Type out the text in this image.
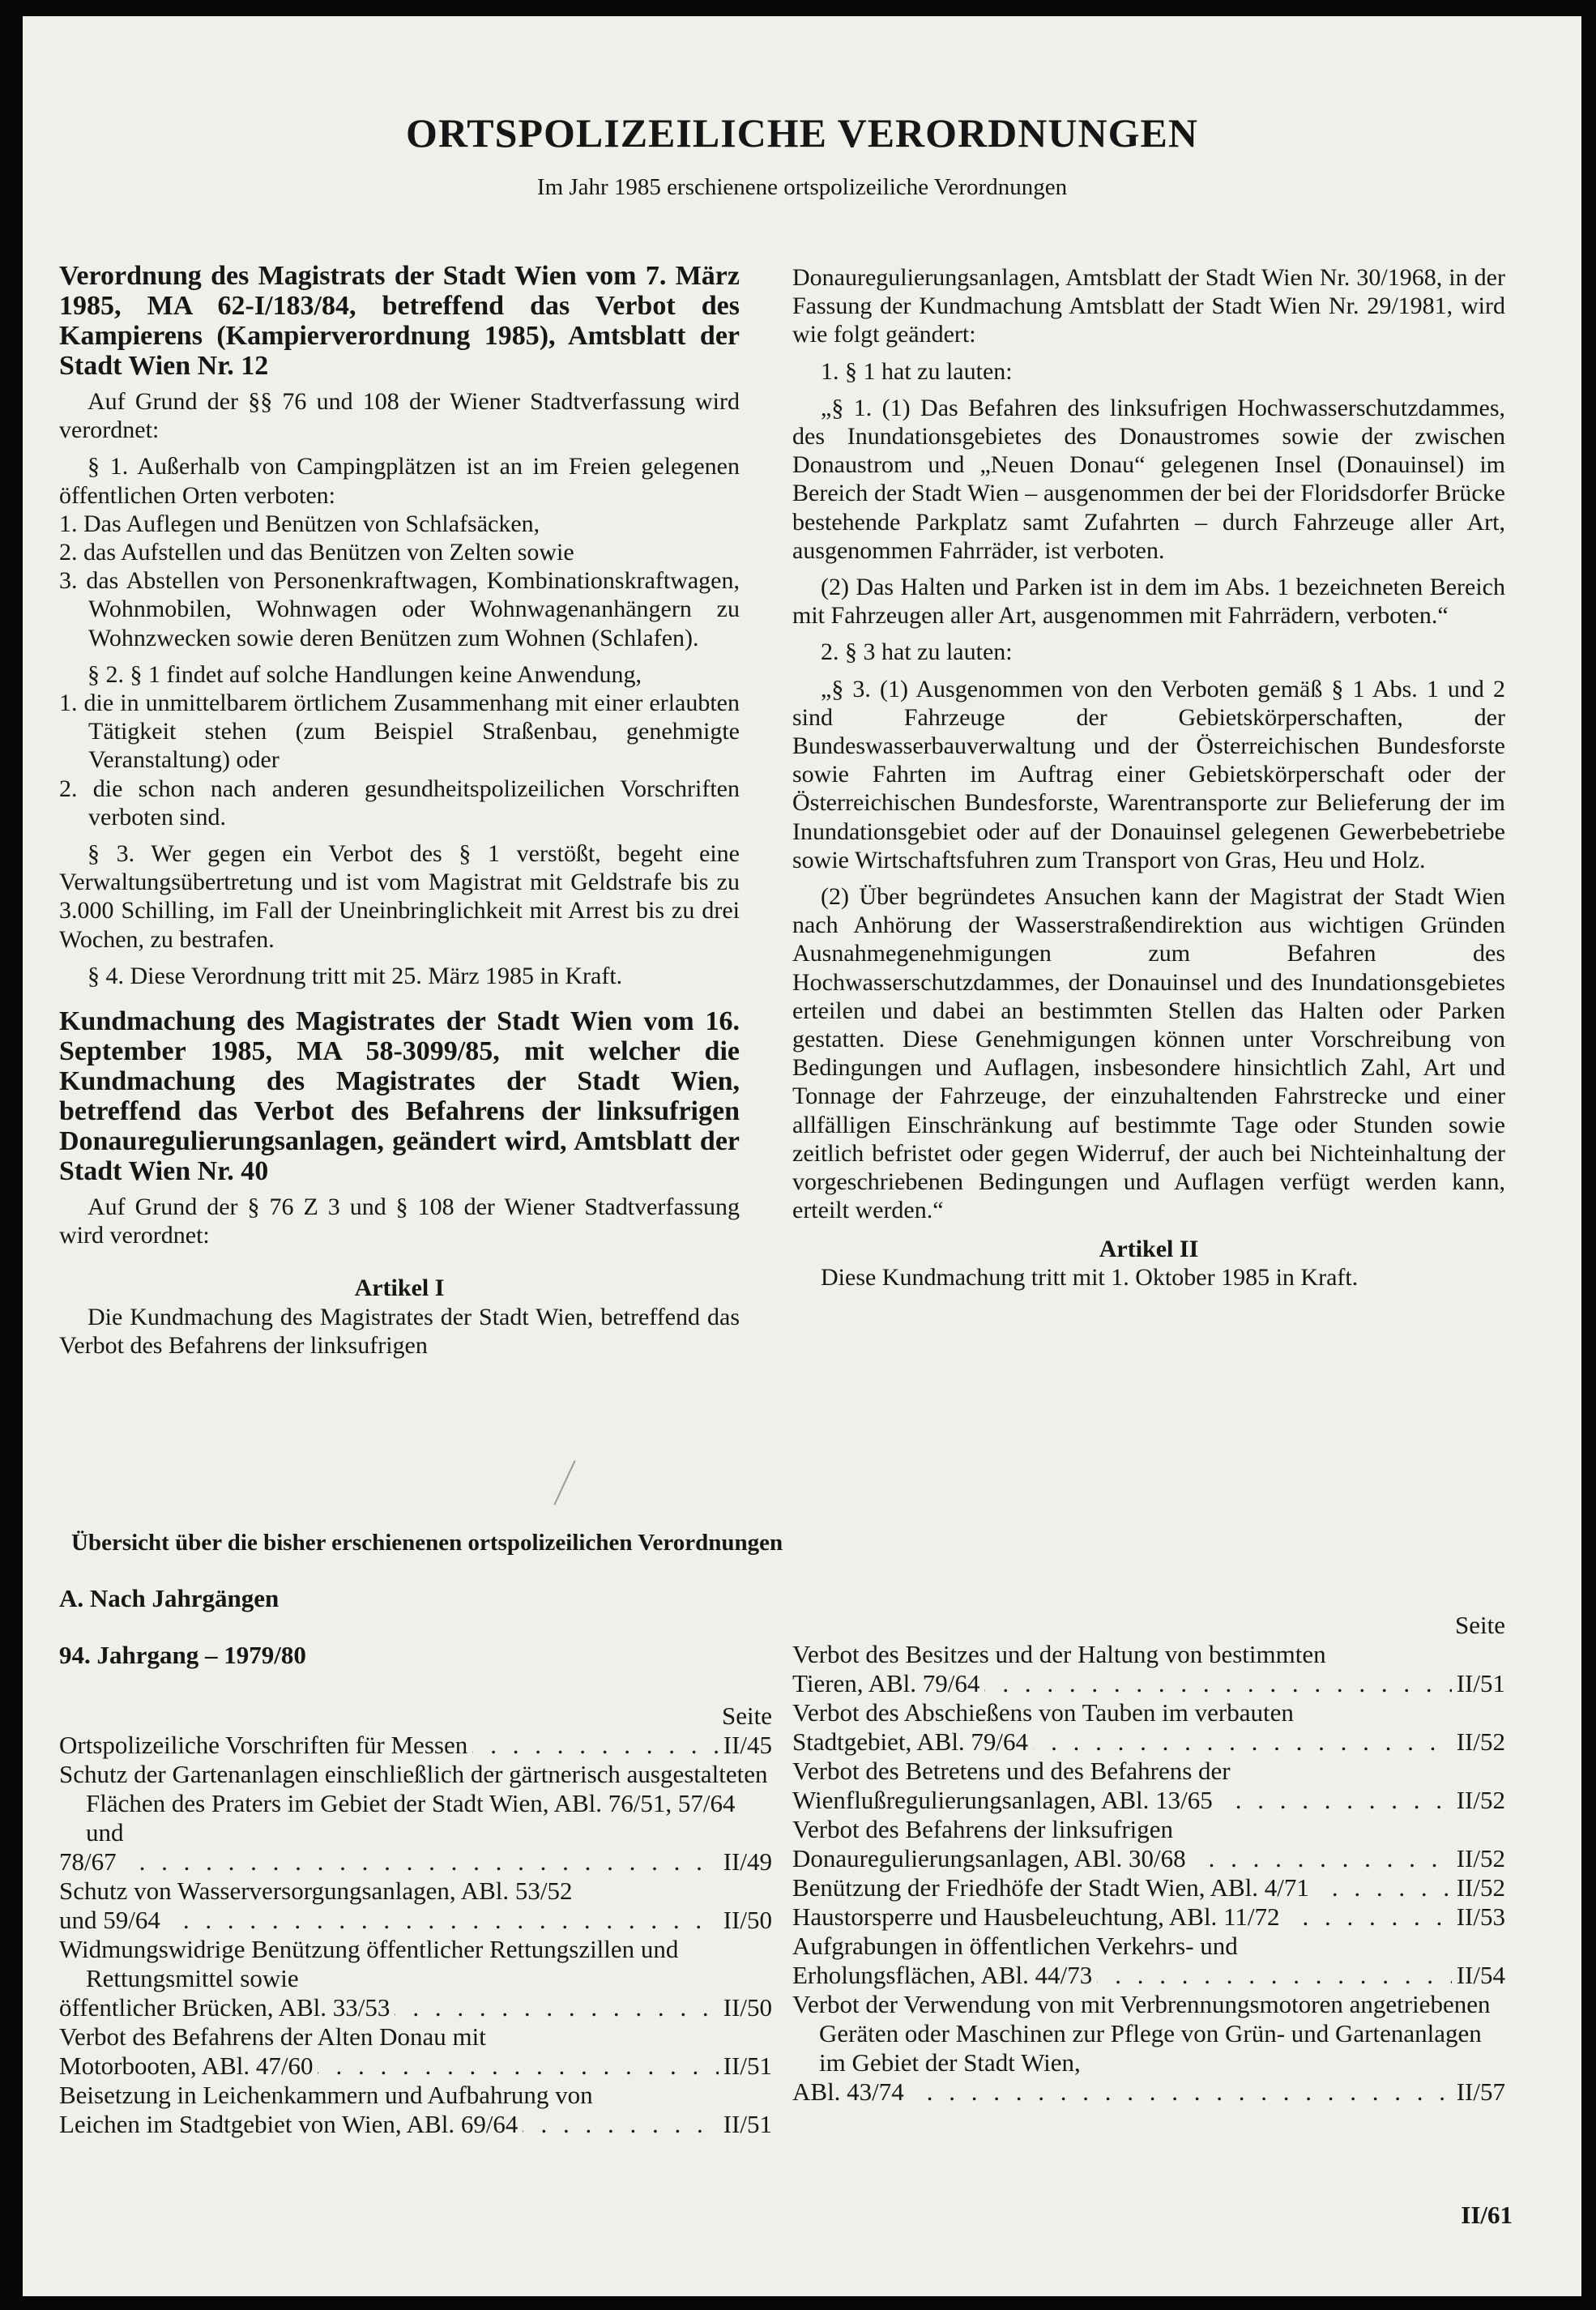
ORTSPOLIZEILICHE VERORDNUNGEN
Im Jahr 1985 erschienene ortspolizeiliche Verordnungen
Verordnung des Magistrats der Stadt Wien vom 7. März 1985, MA 62-I/183/84, betreffend das Verbot des Kampierens (Kampierverordnung 1985), Amtsblatt der Stadt Wien Nr. 12

Auf Grund der §§ 76 und 108 der Wiener Stadtverfassung wird verordnet:

§ 1. Außerhalb von Campingplätzen ist an im Freien gelegenen öffentlichen Orten verboten:

1. Das Auflegen und Benützen von Schlafsäcken,

2. das Aufstellen und das Benützen von Zelten sowie

3. das Abstellen von Personenkraftwagen, Kombinationskraftwagen, Wohnmobilen, Wohnwagen oder Wohnwagenanhängern zu Wohnzwecken sowie deren Benützen zum Wohnen (Schlafen).

§ 2. § 1 findet auf solche Handlungen keine Anwendung,

1. die in unmittelbarem örtlichem Zusammenhang mit einer erlaubten Tätigkeit stehen (zum Beispiel Straßenbau, genehmigte Veranstaltung) oder

2. die schon nach anderen gesundheitspolizeilichen Vorschriften verboten sind.

§ 3. Wer gegen ein Verbot des § 1 verstößt, begeht eine Verwaltungsübertretung und ist vom Magistrat mit Geldstrafe bis zu 3.000 Schilling, im Fall der Uneinbringlichkeit mit Arrest bis zu drei Wochen, zu bestrafen.

§ 4. Diese Verordnung tritt mit 25. März 1985 in Kraft.

Kundmachung des Magistrates der Stadt Wien vom 16. September 1985, MA 58-3099/85, mit welcher die Kundmachung des Magistrates der Stadt Wien, betreffend das Verbot des Befahrens der linksufrigen Donauregulierungsanlagen, geändert wird, Amtsblatt der Stadt Wien Nr. 40

Auf Grund der § 76 Z 3 und § 108 der Wiener Stadtverfassung wird verordnet:

Artikel I

Die Kundmachung des Magistrates der Stadt Wien, betreffend das Verbot des Befahrens der linksufrigen

Donauregulierungsanlagen, Amtsblatt der Stadt Wien Nr. 30/1968, in der Fassung der Kundmachung Amtsblatt der Stadt Wien Nr. 29/1981, wird wie folgt geändert:

1. § 1 hat zu lauten:

„§ 1. (1) Das Befahren des linksufrigen Hochwasserschutzdammes, des Inundationsgebietes des Donaustromes sowie der zwischen Donaustrom und „Neuen Donau“ gelegenen Insel (Donauinsel) im Bereich der Stadt Wien – ausgenommen der bei der Floridsdorfer Brücke bestehende Parkplatz samt Zufahrten – durch Fahrzeuge aller Art, ausgenommen Fahrräder, ist verboten.

(2) Das Halten und Parken ist in dem im Abs. 1 bezeichneten Bereich mit Fahrzeugen aller Art, ausgenommen mit Fahrrädern, verboten.“

2. § 3 hat zu lauten:

„§ 3. (1) Ausgenommen von den Verboten gemäß § 1 Abs. 1 und 2 sind Fahrzeuge der Gebietskörperschaften, der Bundeswasserbauverwaltung und der Österreichischen Bundesforste sowie Fahrten im Auftrag einer Gebietskörperschaft oder der Österreichischen Bundesforste, Warentransporte zur Belieferung der im Inundationsgebiet oder auf der Donauinsel gelegenen Gewerbebetriebe sowie Wirtschaftsfuhren zum Transport von Gras, Heu und Holz.

(2) Über begründetes Ansuchen kann der Magistrat der Stadt Wien nach Anhörung der Wasserstraßendirektion aus wichtigen Gründen Ausnahmegenehmigungen zum Befahren des Hochwasserschutzdammes, der Donauinsel und des Inundationsgebietes erteilen und dabei an bestimmten Stellen das Halten oder Parken gestatten. Diese Genehmigungen können unter Vorschreibung von Bedingungen und Auflagen, insbesondere hinsichtlich Zahl, Art und Tonnage der Fahrzeuge, der einzuhaltenden Fahrstrecke und einer allfälligen Einschränkung auf bestimmte Tage oder Stunden sowie zeitlich befristet oder gegen Widerruf, der auch bei Nichteinhaltung der vorgeschriebenen Bedingungen und Auflagen verfügt werden kann, erteilt werden.“

Artikel II

Diese Kundmachung tritt mit 1. Oktober 1985 in Kraft.

Übersicht über die bisher erschienenen ortspolizeilichen Verordnungen
A. Nach Jahrgängen
94. Jahrgang – 1979/80
Seite
Ortspolizeiliche Vorschriften für Messen . . .	II/45
Schutz der Gartenanlagen einschließlich der gärtnerisch ausgestalteten Flächen des Praters im Gebiet der Stadt Wien, ABl. 76/51, 57/64 und
78/67 . . .	II/49
Schutz von Wasserversorgungsanlagen, ABl. 53/52
und 59/64 . . .	II/50
Widmungswidrige Benützung öffentlicher Rettungszillen und Rettungsmittel sowie
öffentlicher Brücken, ABl. 33/53 . . .	II/50
Verbot des Befahrens der Alten Donau mit
Motorbooten, ABl. 47/60 . . .	II/51
Beisetzung in Leichenkammern und Aufbahrung von
Leichen im Stadtgebiet von Wien, ABl. 69/64 . . .	II/51
Seite
Verbot des Besitzes und der Haltung von bestimmten
Tieren, ABl. 79/64 . . .	II/51
Verbot des Abschießens von Tauben im verbauten
Stadtgebiet, ABl. 79/64 . . .	II/52
Verbot des Betretens und des Befahrens der
Wienflußregulierungsanlagen, ABl. 13/65 . . .	II/52
Verbot des Befahrens der linksufrigen
Donauregulierungsanlagen, ABl. 30/68 . . .	II/52
Benützung der Friedhöfe der Stadt Wien, ABl. 4/71 . . .	II/52
Haustorsperre und Hausbeleuchtung, ABl. 11/72 . . .	II/53
Aufgrabungen in öffentlichen Verkehrs- und
Erholungsflächen, ABl. 44/73 . . .	II/54
Verbot der Verwendung von mit Verbrennungsmotoren angetriebenen Geräten oder Maschinen zur Pflege von Grün- und Gartenanlagen im Gebiet der Stadt Wien,
ABl. 43/74 . . .	II/57
II/61
